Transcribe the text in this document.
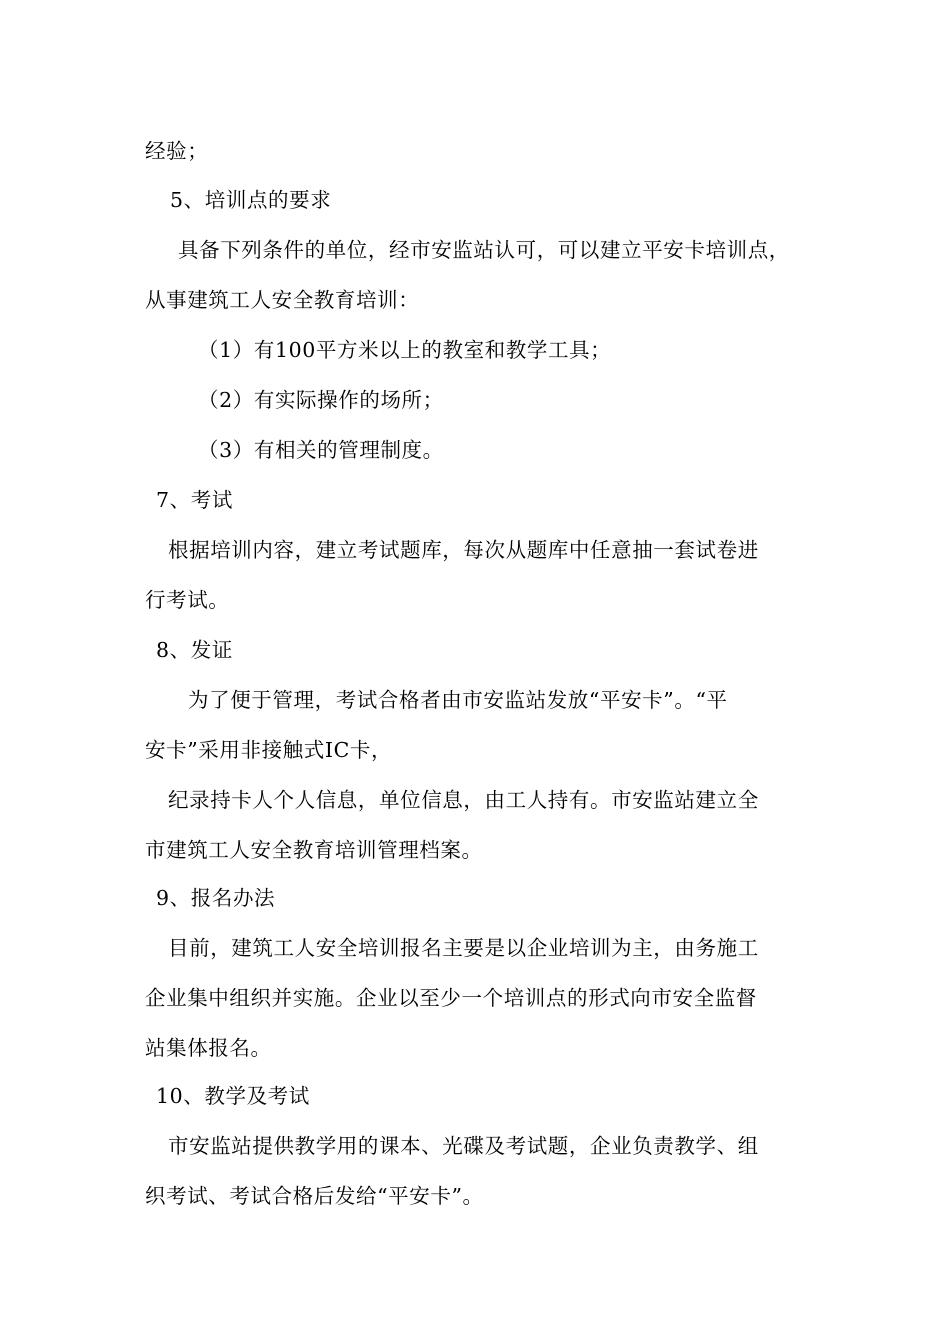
经验；
5、培训点的要求
具备下列条件的单位，经市安监站认可，可以建立平安卡培训点，
从事建筑工人安全教育培训：
（1）有100平方米以上的教室和教学工具；
（2）有实际操作的场所；
（3）有相关的管理制度。
7、考试
根据培训内容，建立考试题库，每次从题库中任意抽一套试卷进
行考试。
8、发证
为了便于管理，考试合格者由市安监站发放“平安卡”。“平
安卡”采用非接触式IC卡，
纪录持卡人个人信息，单位信息，由工人持有。市安监站建立全
市建筑工人安全教育培训管理档案。
9、报名办法
目前，建筑工人安全培训报名主要是以企业培训为主，由务施工
企业集中组织并实施。企业以至少一个培训点的形式向市安全监督
站集体报名。
10、教学及考试
市安监站提供教学用的课本、光碟及考试题，企业负责教学、组
织考试、考试合格后发给“平安卡”。
